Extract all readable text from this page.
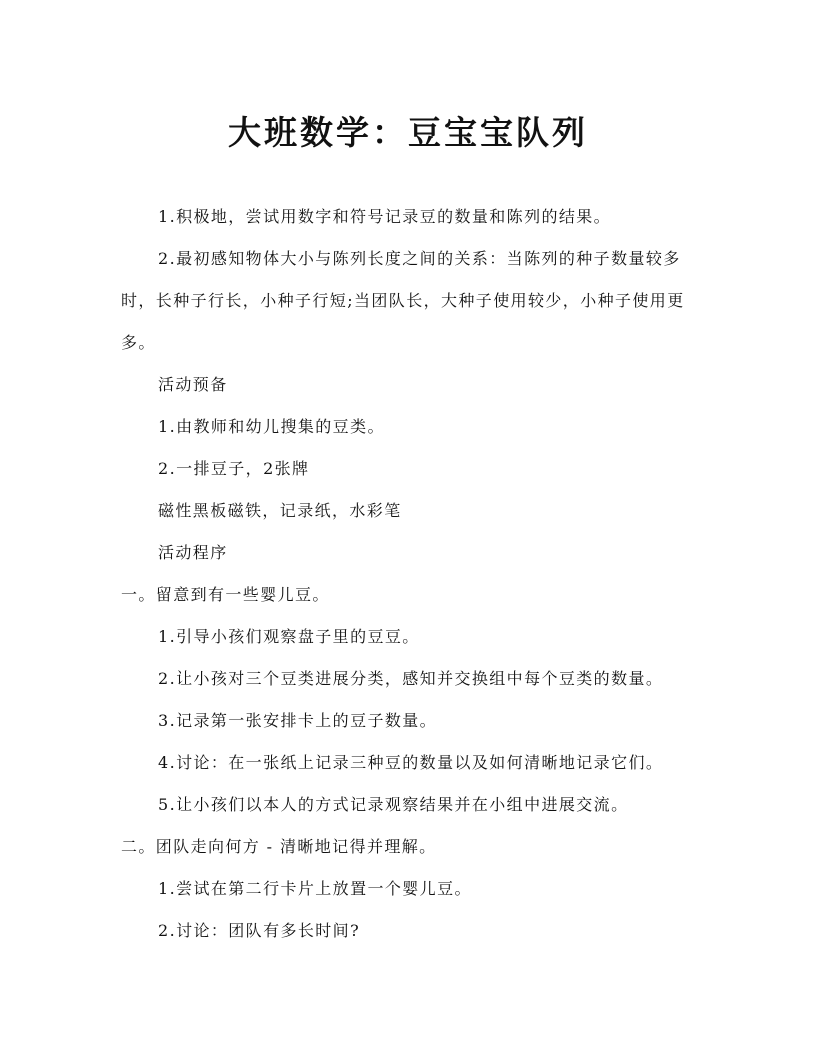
大班数学：豆宝宝队列

1.积极地，尝试用数字和符号记录豆的数量和陈列的结果。

2.最初感知物体大小与陈列长度之间的关系：当陈列的种子数量较多时，长种子行长，小种子行短;当团队长，大种子使用较少，小种子使用更多。

活动预备

1.由教师和幼儿搜集的豆类。

2.一排豆子，2张牌

磁性黑板磁铁，记录纸，水彩笔

活动程序

一。留意到有一些婴儿豆。

1.引导小孩们观察盘子里的豆豆。

2.让小孩对三个豆类进展分类，感知并交换组中每个豆类的数量。

3.记录第一张安排卡上的豆子数量。

4.讨论：在一张纸上记录三种豆的数量以及如何清晰地记录它们。

5.让小孩们以本人的方式记录观察结果并在小组中进展交流。

二。团队走向何方 - 清晰地记得并理解。

1.尝试在第二行卡片上放置一个婴儿豆。

2.讨论：团队有多长时间?
